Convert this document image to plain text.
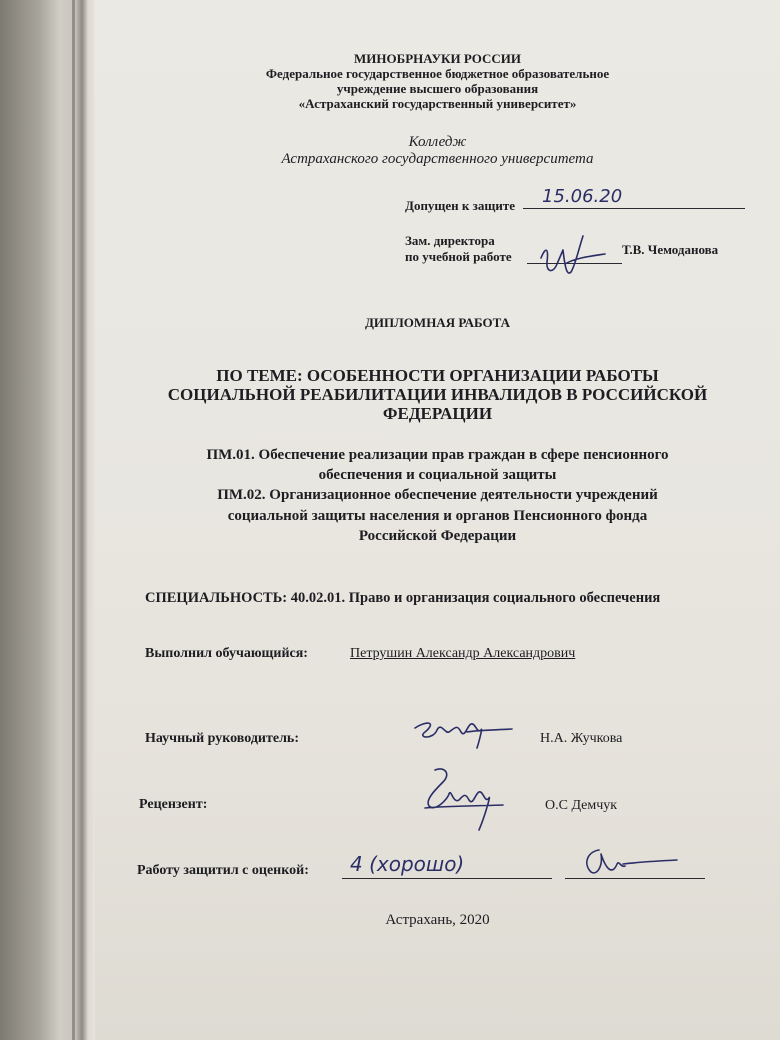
МИНОБРНАУКИ РОССИИ
Федеральное государственное бюджетное образовательное
учреждение высшего образования
«Астраханский государственный университет»
Колледж
Астраханского государственного университета
Допущен к защите 15.06.20
Зам. директора
по учебной работе	Т.В. Чемоданова
ДИПЛОМНАЯ РАБОТА
ПО ТЕМЕ: ОСОБЕННОСТИ ОРГАНИЗАЦИИ РАБОТЫ
СОЦИАЛЬНОЙ РЕАБИЛИТАЦИИ ИНВАЛИДОВ В РОССИЙСКОЙ
ФЕДЕРАЦИИ
ПМ.01. Обеспечение реализации прав граждан в сфере пенсионного
обеспечения и социальной защиты
ПМ.02. Организационное обеспечение деятельности учреждений
социальной защиты населения и органов Пенсионного фонда
Российской Федерации
СПЕЦИАЛЬНОСТЬ: 40.02.01. Право и организация социального обеспечения
Выполнил обучающийся:	Петрушин Александр Александрович
Научный руководитель:	Н.А. Жучкова
Рецензент:	О.С Демчук
Работу защитил с оценкой: 4 (хорошо)
Астрахань, 2020
